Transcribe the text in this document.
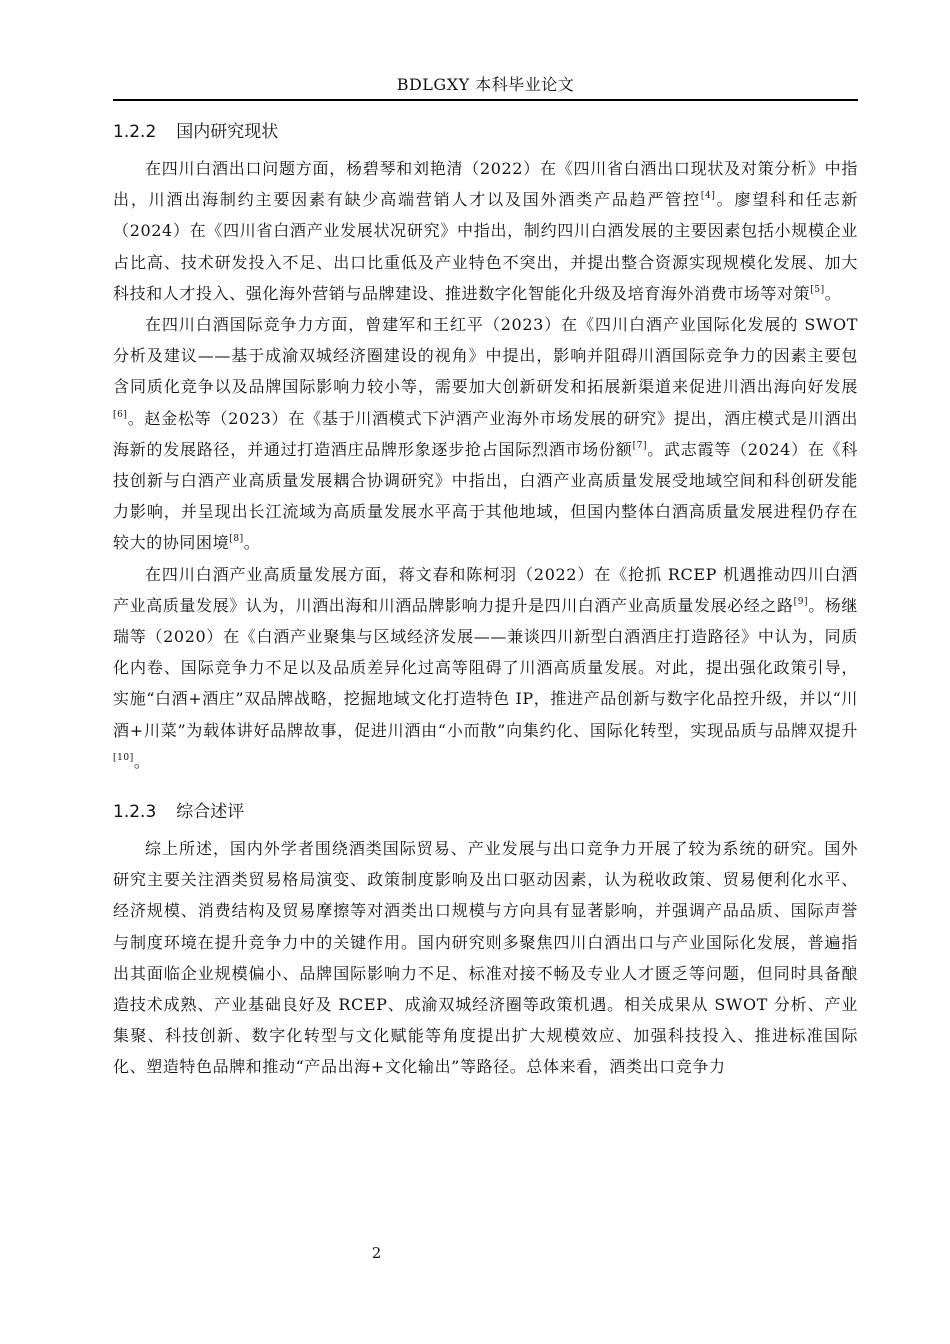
BDLGXY 本科毕业论文
1.2.2 国内研究现状

在四川白酒出口问题方面，杨碧琴和刘艳清（2022）在《四川省白酒出口现状及对策分析》中指出，川酒出海制约主要因素有缺少高端营销人才以及国外酒类产品趋严管控[4]。廖望科和任志新（2024）在《四川省白酒产业发展状况研究》中指出，制约四川白酒发展的主要因素包括小规模企业占比高、技术研发投入不足、出口比重低及产业特色不突出，并提出整合资源实现规模化发展、加大科技和人才投入、强化海外营销与品牌建设、推进数字化智能化升级及培育海外消费市场等对策[5]。

在四川白酒国际竞争力方面，曾建军和王红平（2023）在《四川白酒产业国际化发展的 SWOT 分析及建议——基于成渝双城经济圈建设的视角》中提出，影响并阻碍川酒国际竞争力的因素主要包含同质化竞争以及品牌国际影响力较小等，需要加大创新研发和拓展新渠道来促进川酒出海向好发展[6]。赵金松等（2023）在《基于川酒模式下泸酒产业海外市场发展的研究》提出，酒庄模式是川酒出海新的发展路径，并通过打造酒庄品牌形象逐步抢占国际烈酒市场份额[7]。武志霞等（2024）在《科技创新与白酒产业高质量发展耦合协调研究》中指出，白酒产业高质量发展受地域空间和科创研发能力影响，并呈现出长江流域为高质量发展水平高于其他地域，但国内整体白酒高质量发展进程仍存在较大的协同困境[8]。

在四川白酒产业高质量发展方面，蒋文春和陈柯羽（2022）在《抢抓 RCEP 机遇推动四川白酒产业高质量发展》认为，川酒出海和川酒品牌影响力提升是四川白酒产业高质量发展必经之路[9]。杨继瑞等（2020）在《白酒产业聚集与区域经济发展——兼谈四川新型白酒酒庄打造路径》中认为，同质化内卷、国际竞争力不足以及品质差异化过高等阻碍了川酒高质量发展。对此，提出强化政策引导，实施“白酒+酒庄”双品牌战略，挖掘地域文化打造特色 IP，推进产品创新与数字化品控升级，并以“川酒+川菜”为载体讲好品牌故事，促进川酒由“小而散”向集约化、国际化转型，实现品质与品牌双提升[10]。

1.2.3 综合述评

综上所述，国内外学者围绕酒类国际贸易、产业发展与出口竞争力开展了较为系统的研究。国外研究主要关注酒类贸易格局演变、政策制度影响及出口驱动因素，认为税收政策、贸易便利化水平、经济规模、消费结构及贸易摩擦等对酒类出口规模与方向具有显著影响，并强调产品品质、国际声誉与制度环境在提升竞争力中的关键作用。国内研究则多聚焦四川白酒出口与产业国际化发展，普遍指出其面临企业规模偏小、品牌国际影响力不足、标准对接不畅及专业人才匮乏等问题，但同时具备酿造技术成熟、产业基础良好及 RCEP、成渝双城经济圈等政策机遇。相关成果从 SWOT 分析、产业集聚、科技创新、数字化转型与文化赋能等角度提出扩大规模效应、加强科技投入、推进标准国际化、塑造特色品牌和推动“产品出海+文化输出”等路径。总体来看，酒类出口竞争力

2
